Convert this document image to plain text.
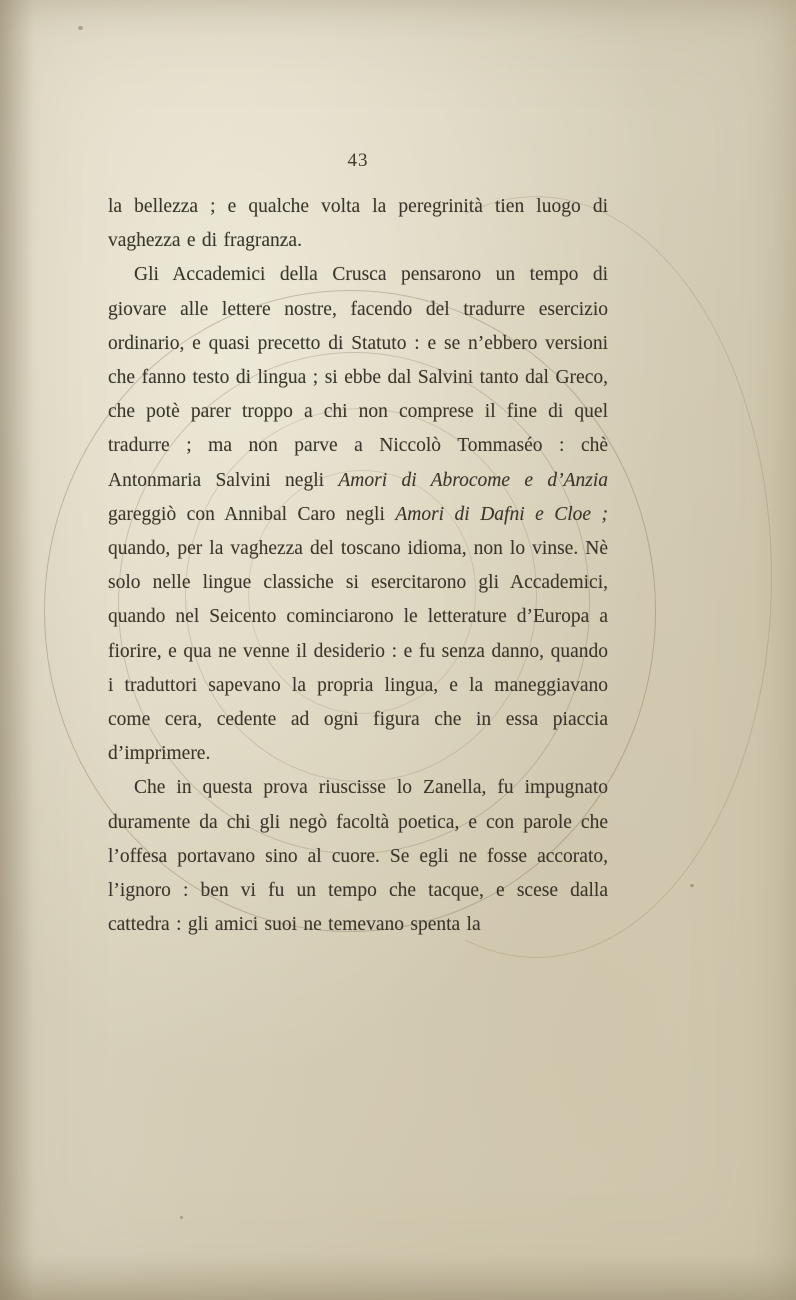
43

la bellezza ; e qualche volta la peregrinità tien luogo di vaghezza e di fragranza.

Gli Accademici della Crusca pensarono un tempo di giovare alle lettere nostre, facendo del tradurre esercizio ordinario, e quasi precetto di Statuto : e se n’ebbero versioni che fanno testo di lingua ; si ebbe dal Salvini tanto dal Greco, che potè parer troppo a chi non comprese il fine di quel tradurre ; ma non parve a Niccolò Tommaséo : chè Antonmaria Salvini negli Amori di Abrocome e d’Anzia gareggiò con Annibal Caro negli Amori di Dafni e Cloe ; quando, per la vaghezza del toscano idioma, non lo vinse. Nè solo nelle lingue classiche si esercitarono gli Accademici, quando nel Seicento cominciarono le letterature d’Europa a fiorire, e qua ne venne il desiderio : e fu senza danno, quando i traduttori sapevano la propria lingua, e la maneggiavano come cera, cedente ad ogni figura che in essa piaccia d’imprimere.

Che in questa prova riuscisse lo Zanella, fu impugnato duramente da chi gli negò facoltà poetica, e con parole che l’offesa portavano sino al cuore. Se egli ne fosse accorato, l’ignoro : ben vi fu un tempo che tacque, e scese dalla cattedra : gli amici suoi ne temevano spenta la
